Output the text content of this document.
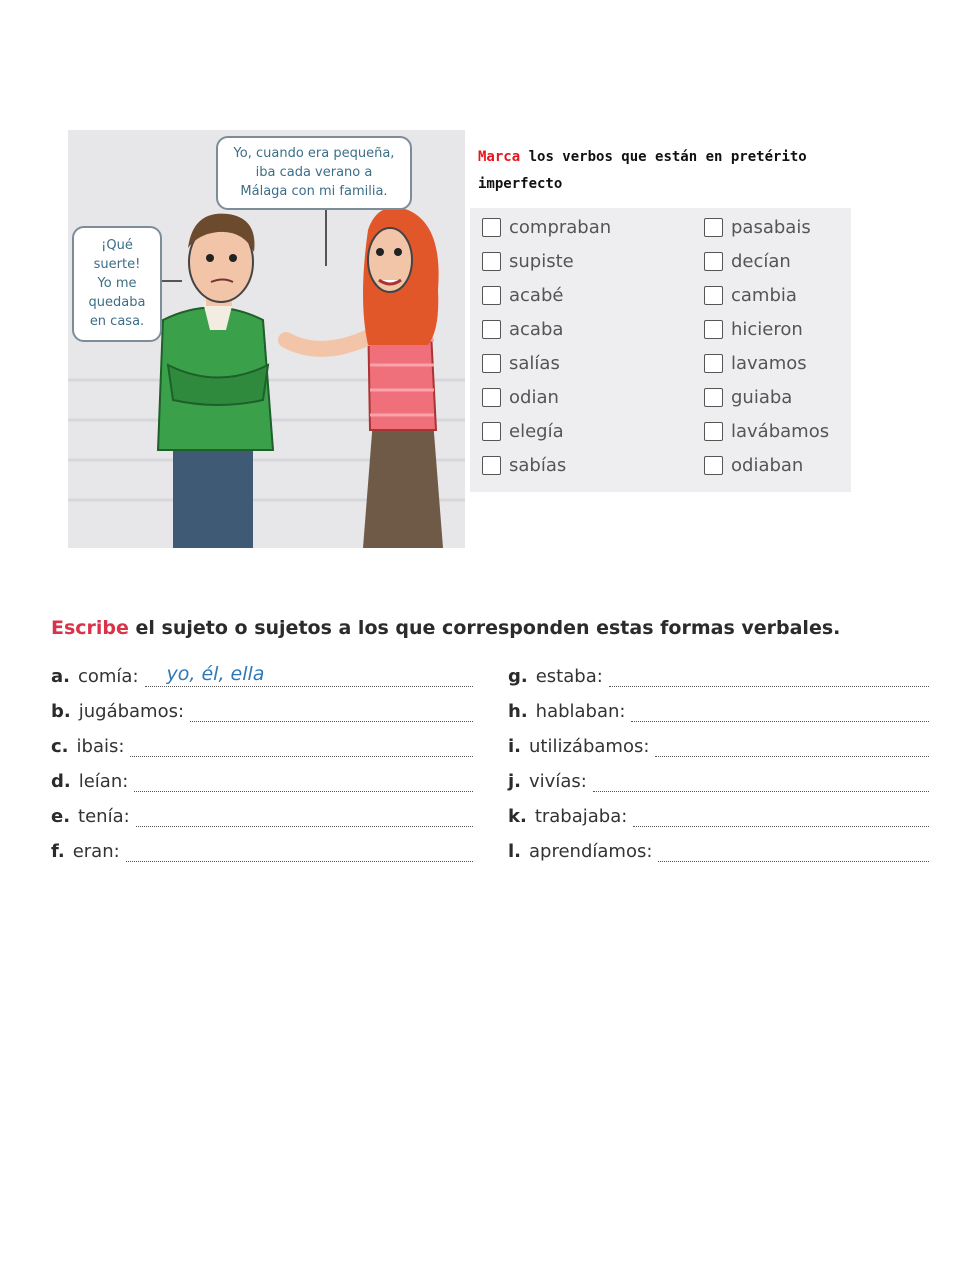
Yo, cuando era pequeña,
iba cada verano a
Málaga con mi familia.
¡Qué
suerte!
Yo me
quedaba
en casa.
Marca los verbos que están en pretérito imperfecto
compraban
supiste
acabé
acaba
salías
odian
elegía
sabías
pasabais
decían
cambia
hicieron
lavamos
guiaba
lavábamos
odiaban
Escribe el sujeto o sujetos a los que corresponden estas formas verbales.
a. comía:	yo, él, ella
b. jugábamos:
c. ibais:
d. leían:
e. tenía:
f. eran:
g. estaba:
h. hablaban:
i. utilizábamos:
j. vivías:
k. trabajaba:
l. aprendíamos:
